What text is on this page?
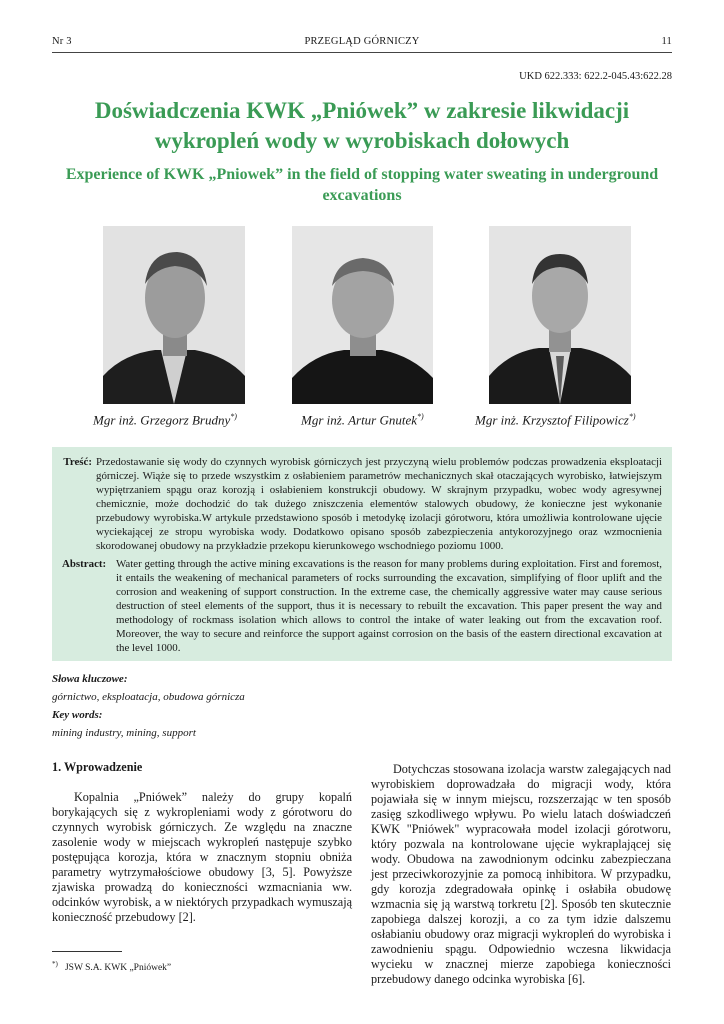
Nr 3	PRZEGLĄD GÓRNICZY	11
UKD 622.333: 622.2-045.43:622.28
Doświadczenia KWK „Pniówek” w zakresie likwidacji wykropleń wody w wyrobiskach dołowych
Experience of KWK „Pniowek” in the field of stopping water sweating in underground excavations
Mgr inż. Grzegorz Brudny*)	Mgr inż. Artur Gnutek*)	Mgr inż. Krzysztof Filipowicz*)
Treść: Przedostawanie się wody do czynnych wyrobisk górniczych jest przyczyną wielu problemów podczas prowadzenia eksploatacji górniczej. Wiąże się to przede wszystkim z osłabieniem parametrów mechanicznych skał otaczających wyrobisko, łatwiejszym wypiętrzaniem spągu oraz korozją i osłabieniem konstrukcji obudowy. W skrajnym przypadku, wobec wody agresywnej chemicznie, może dochodzić do tak dużego zniszczenia elementów stalowych obudowy, że konieczne jest wykonanie przebudowy wyrobiska.W artykule przedstawiono sposób i metodykę izolacji górotworu, która umożliwia kontrolowane ujęcie wyciekającej ze stropu wyrobiska wody. Dodatkowo opisano sposób zabezpieczenia antykorozyjnego oraz wzmocnienia skorodowanej obudowy na przykładzie przekopu kierunkowego wschodniego poziomu 1000.
Abstract: Water getting through the active mining excavations is the reason for many problems during exploitation. First and foremost, it entails the weakening of mechanical parameters of rocks surrounding the excavation, simplifying of floor uplift and the corrosion and weakening of support construction. In the extreme case, the chemically aggressive water may cause serious destruction of steel elements of the support, thus it is necessary to rebuilt the excavation. This paper present the way and methodology of rockmass isolation which allows to control the intake of water leaking out from the excavation roof. Moreover, the way to secure and reinforce the support against corrosion on the basis of the eastern directional excavation at the level 1000.
Słowa kluczowe:
górnictwo, eksploatacja, obudowa górnicza
Key words:
mining industry, mining, support
1. Wprowadzenie
Kopalnia „Pniówek” należy do grupy kopalń borykających się z wykropleniami wody z górotworu do czynnych wyrobisk górniczych. Ze względu na znaczne zasolenie wody w miejscach wykropleń następuje szybko postępująca korozja, która w znacznym stopniu obniża parametry wytrzymałościowe obudowy [3, 5]. Powyższe zjawiska prowadzą do konieczności wzmacniania ww. odcinków wyrobisk, a w niektórych przypadkach wymuszają konieczność przebudowy [2].
Dotychczas stosowana izolacja warstw zalegających nad wyrobiskiem doprowadzała do migracji wody, która pojawiała się w innym miejscu, rozszerzając w ten sposób zasięg szkodliwego wpływu. Po wielu latach doświadczeń KWK "Pniówek" wypracowała model izolacji górotworu, który pozwala na kontrolowane ujęcie wykraplającej się wody. Obudowa na zawodnionym odcinku zabezpieczana jest przeciwkorozyjnie za pomocą inhibitora. W przypadku, gdy korozja zdegradowała opinkę i osłabiła obudowę wzmacnia się ją warstwą torkretu [2]. Sposób ten skutecznie zapobiega dalszej korozji, a co za tym idzie dalszemu osłabianiu obudowy oraz migracji wykropleń do wyrobiska i zawodnieniu spągu. Odpowiednio wczesna likwidacja wycieku w znacznej mierze zapobiega konieczności przebudowy danego odcinka wyrobiska [6].
*) JSW S.A. KWK „Pniówek”
